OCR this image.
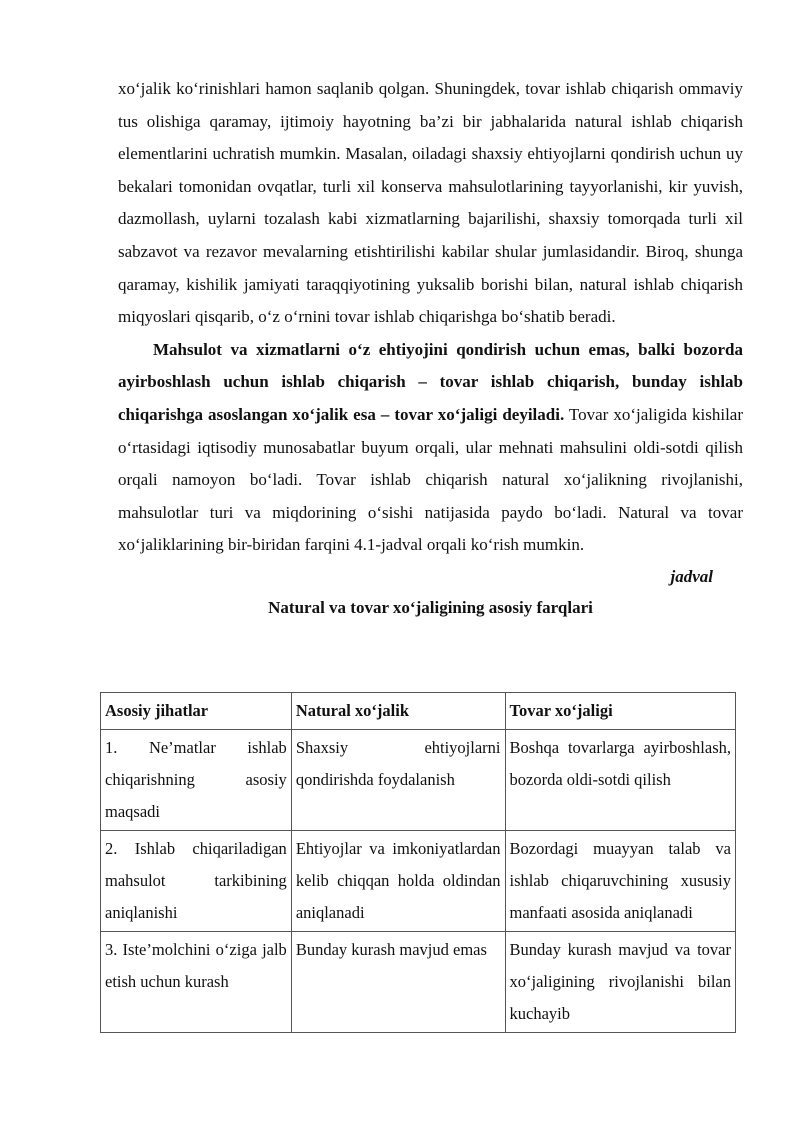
xo‘jalik ko‘rinishlari hamon saqlanib qolgan. Shuningdek, tovar ishlab chiqarish ommaviy tus olishiga qaramay, ijtimoiy hayotning ba’zi bir jabhalarida natural ishlab chiqarish elementlarini uchratish mumkin. Masalan, oiladagi shaxsiy ehtiyojlarni qondirish uchun uy bekalari tomonidan ovqatlar, turli xil konserva mahsulotlarining tayyorlanishi, kir yuvish, dazmollash, uylarni tozalash kabi xizmatlarning bajarilishi, shaxsiy tomorqada turli xil sabzavot va rezavor mevalarning etishtirilishi kabilar shular jumlasidandir. Biroq, shunga qaramay, kishilik jamiyati taraqqiyotining yuksalib borishi bilan, natural ishlab chiqarish miqyoslari qisqarib, o‘z o‘rnini tovar ishlab chiqarishga bo‘shatib beradi.

Mahsulot va xizmatlarni o‘z ehtiyojini qondirish uchun emas, balki bozorda ayirboshlash uchun ishlab chiqarish – tovar ishlab chiqarish, bunday ishlab chiqarishga asoslangan xo‘jalik esa – tovar xo‘jaligi deyiladi. Tovar xo‘jaligida kishilar o‘rtasidagi iqtisodiy munosabatlar buyum orqali, ular mehnati mahsulini oldi-sotdi qilish orqali namoyon bo‘ladi. Tovar ishlab chiqarish natural xo‘jalikning rivojlanishi, mahsulotlar turi va miqdorining o‘sishi natijasida paydo bo‘ladi. Natural va tovar xo‘jaliklarining bir-biridan farqini 4.1-jadval orqali ko‘rish mumkin.

jadval

Natural va tovar xo‘jaligining asosiy farqlari

Asosiy jihatlar	Natural xo‘jalik	Tovar xo‘jaligi
1. Ne’matlar ishlab chiqarishning asosiy maqsadi	Shaxsiy ehtiyojlarni qondirishda foydalanish	Boshqa tovarlarga ayirboshlash, bozorda oldi-sotdi qilish
2. Ishlab chiqariladigan mahsulot tarkibining aniqlanishi	Ehtiyojlar va imkoniyatlardan kelib chiqqan holda oldindan aniqlanadi	Bozordagi muayyan talab va ishlab chiqaruvchining xususiy manfaati asosida aniqlanadi
3. Iste’molchini o‘ziga jalb etish uchun kurash	Bunday kurash mavjud emas	Bunday kurash mavjud va tovar xo‘jaligining rivojlanishi bilan kuchayib
